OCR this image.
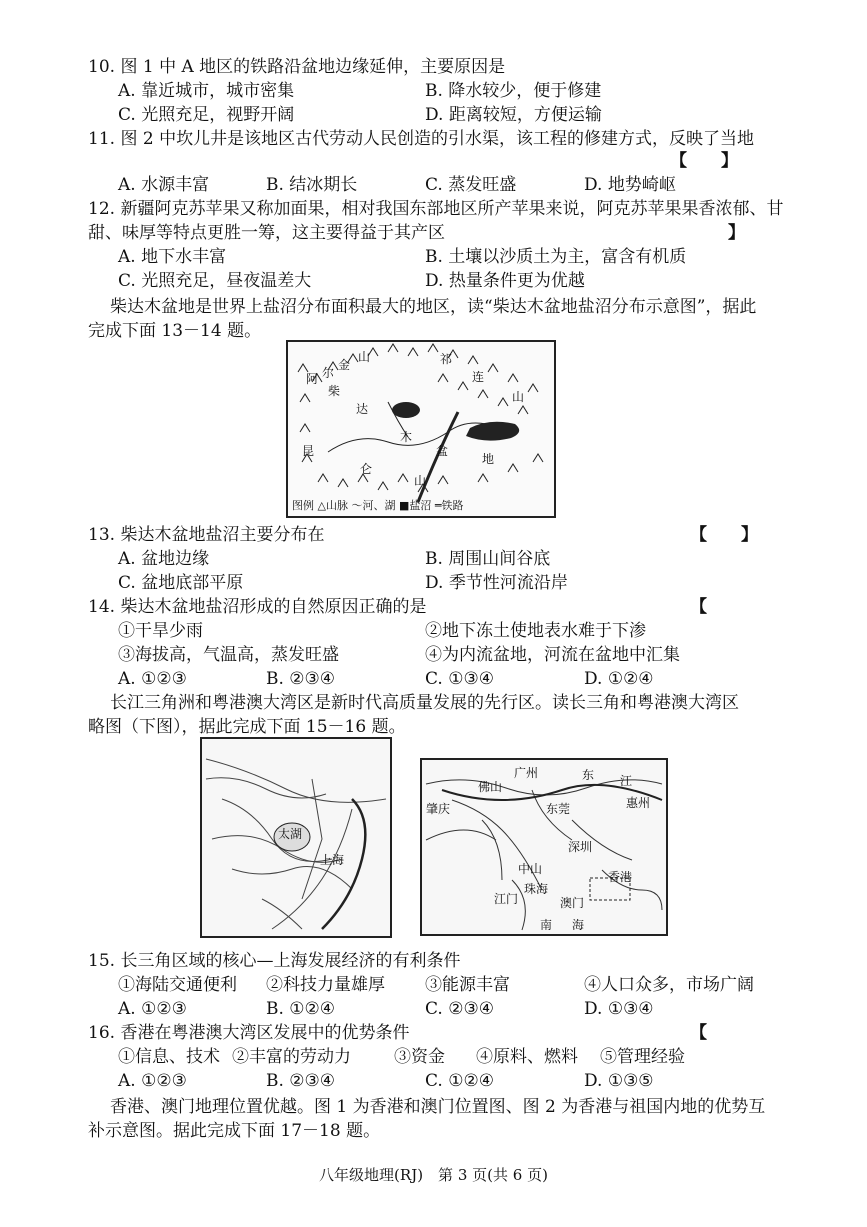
10. 图 1 中 A 地区的铁路沿盆地边缘延伸，主要原因是
A. 靠近城市，城市密集	B. 降水较少，便于修建
C. 光照充足，视野开阔	D. 距离较短，方便运输
11. 图 2 中坎儿井是该地区古代劳动人民创造的引水渠，该工程的修建方式，反映了当地
【　　】
A. 水源丰富	B. 结冰期长	C. 蒸发旺盛	D. 地势崎岖
12. 新疆阿克苏苹果又称加面果，相对我国东部地区所产苹果来说，阿克苏苹果果香浓郁、甘
甜、味厚等特点更胜一筹，这主要得益于其产区	】
A. 地下水丰富	B. 土壤以沙质土为主，富含有机质
C. 光照充足，昼夜温差大	D. 热量条件更为优越
柴达木盆地是世界上盐沼分布面积最大的地区，读“柴达木盆地盐沼分布示意图”，据此
完成下面 13－14 题。
阿 尔
金
山	祁
连
山
柴
达
木
盆
地
昆
仑
山
图例 △山脉 ～河、湖 ■盐沼 ═铁路
13. 柴达木盆地盐沼主要分布在	【　　】
A. 盆地边缘	B. 周围山间谷底
C. 盆地底部平原	D. 季节性河流沿岸
14. 柴达木盆地盐沼形成的自然原因正确的是	【　　
①干旱少雨	②地下冻土使地表水难于下渗
③海拔高，气温高，蒸发旺盛	④为内流盆地，河流在盆地中汇集
A. ①②③	B. ②③④	C. ①③④	D. ①②④
长江三角洲和粤港澳大湾区是新时代高质量发展的先行区。读长三角和粤港澳大湾区
略图（下图），据此完成下面 15－16 题。
太湖
上海
广州	东 江
惠州
肇庆
佛山
东莞
深圳
江门
中山
珠海
香港
澳门
南 海
15. 长三角区域的核心—上海发展经济的有利条件
①海陆交通便利 ②科技力量雄厚 ③能源丰富	④人口众多，市场广阔
A. ①②③	B. ①②④	C. ②③④	D. ①③④
16. 香港在粤港澳大湾区发展中的优势条件	【
①信息、技术 ②丰富的劳动力	③资金 ④原料、燃料 ⑤管理经验
A. ①②③	B. ②③④	C. ①②④	D. ①③⑤
香港、澳门地理位置优越。图 1 为香港和澳门位置图、图 2 为香港与祖国内地的优势互
补示意图。据此完成下面 17－18 题。
八年级地理(RJ)　第 3 页(共 6 页)
